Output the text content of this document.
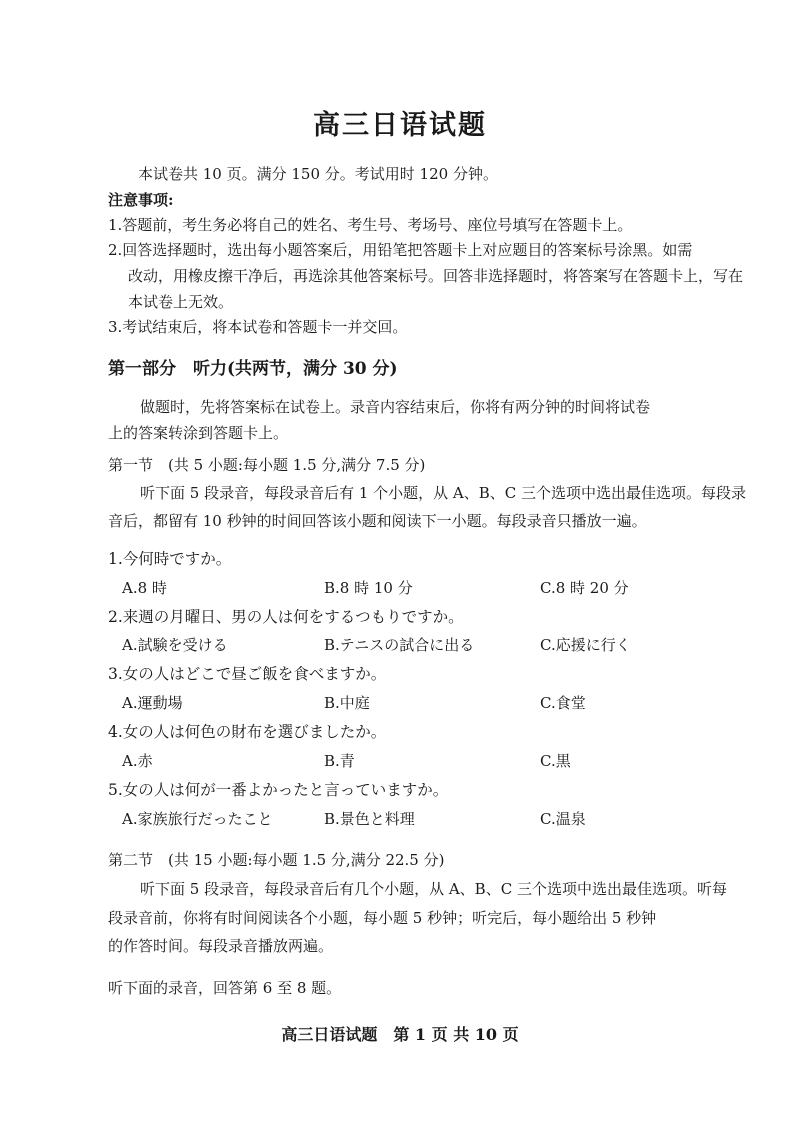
高三日语试题
本试卷共 10 页。满分 150 分。考试用时 120 分钟。
注意事项:
1.答题前，考生务必将自己的姓名、考生号、考场号、座位号填写在答题卡上。
2.回答选择题时，选出每小题答案后，用铅笔把答题卡上对应题目的答案标号涂黑。如需
改动，用橡皮擦干净后，再选涂其他答案标号。回答非选择题时，将答案写在答题卡上，写在
本试卷上无效。
3.考试结束后，将本试卷和答题卡一并交回。
第一部分　听力(共两节，满分 30 分)
做题时，先将答案标在试卷上。录音内容结束后，你将有两分钟的时间将试卷
上的答案转涂到答题卡上。
第一节　(共 5 小题:每小题 1.5 分,满分 7.5 分)
听下面 5 段录音，每段录音后有 1 个小题，从 A、B、C 三个选项中选出最佳选项。每段录
音后，都留有 10 秒钟的时间回答该小题和阅读下一小题。每段录音只播放一遍。
1.今何時ですか。
A.8 時	B.8 時 10 分	C.8 時 20 分
2.来週の月曜日、男の人は何をするつもりですか。
A.試験を受ける	B.テニスの試合に出る	C.応援に行く
3.女の人はどこで昼ご飯を食べますか。
A.運動場	B.中庭	C.食堂
4.女の人は何色の財布を選びましたか。
A.赤	B.青	C.黒
5.女の人は何が一番よかったと言っていますか。
A.家族旅行だったこと	B.景色と料理	C.温泉
第二节　(共 15 小题:每小题 1.5 分,满分 22.5 分)
听下面 5 段录音，每段录音后有几个小题，从 A、B、C 三个选项中选出最佳选项。听每
段录音前，你将有时间阅读各个小题，每小题 5 秒钟；听完后，每小题给出 5 秒钟
的作答时间。每段录音播放两遍。
听下面的录音，回答第 6 至 8 题。
高三日语试题　第 1 页 共 10 页
